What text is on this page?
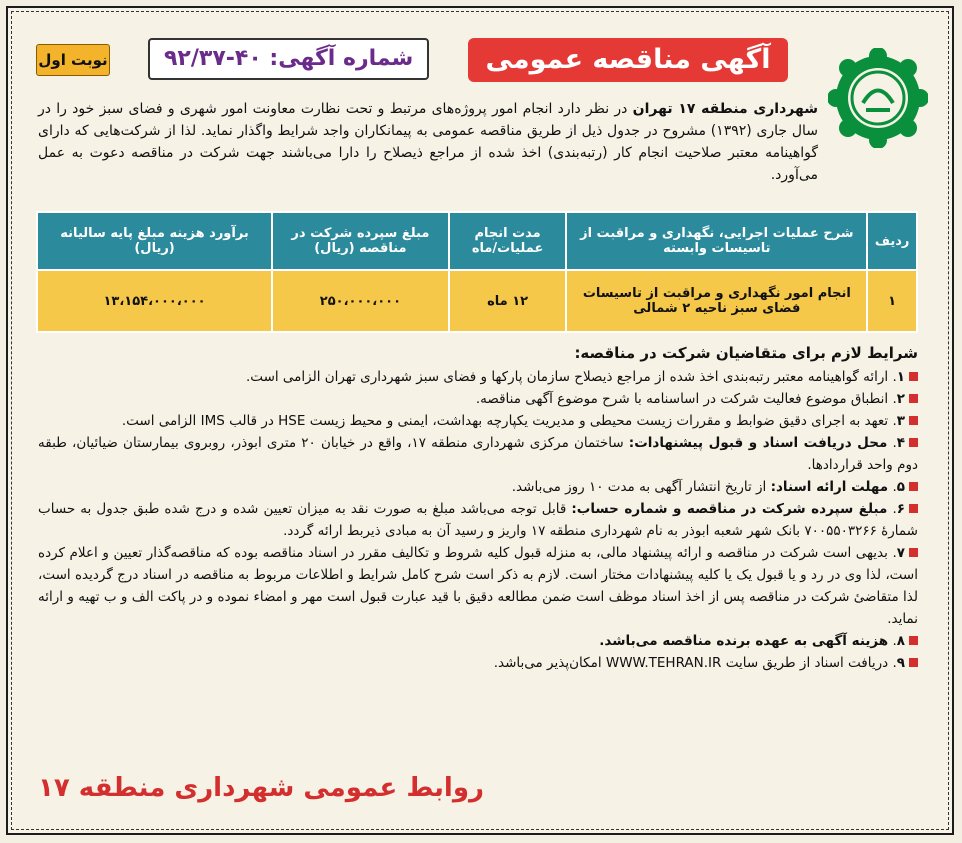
نوبت اول	شماره آگهی: ۴۰-۹۲/۳۷	آگهی مناقصه عمومی
شهرداری منطقه ۱۷ تهران در نظر دارد انجام امور پروژه‌های مرتبط و تحت نظارت معاونت امور شهری و فضای سبز خود را در سال جاری (۱۳۹۲) مشروح در جدول ذیل از طریق مناقصه عمومی به پیمانکاران واجد شرایط واگذار نماید. لذا از شرکت‌هایی که دارای گواهینامه معتبر صلاحیت انجام کار (رتبه‌بندی) اخذ شده از مراجع ذیصلاح را دارا می‌باشند جهت شرکت در مناقصه دعوت به عمل می‌آورد.
ردیف	شرح عملیات اجرایی، نگهداری و مراقبت از تاسیسات وابسته	مدت انجام عملیات/ماه	مبلغ سپرده شرکت در مناقصه (ریال)	برآورد هزینه مبلغ پایه سالیانه (ریال)
۱	انجام امور نگهداری و مراقبت از تاسیسات فضای سبز ناحیه ۲ شمالی	۱۲ ماه	۲۵۰،۰۰۰،۰۰۰	۱۳،۱۵۴،۰۰۰،۰۰۰
شرایط لازم برای متقاضیان شرکت در مناقصه:

۱. ارائه گواهینامه معتبر رتبه‌بندی اخذ شده از مراجع ذیصلاح سازمان پارکها و فضای سبز شهرداری تهران الزامی است.

۲. انطباق موضوع فعالیت شرکت در اساسنامه با شرح موضوع آگهی مناقصه.

۳. تعهد به اجرای دقیق ضوابط و مقررات زیست محیطی و مدیریت یکپارچه بهداشت، ایمنی و محیط زیست HSE در قالب IMS الزامی است.

۴. محل دریافت اسناد و قبول پیشنهادات: ساختمان مرکزی شهرداری منطقه ۱۷، واقع در خیابان ۲۰ متری ابوذر، روبروی بیمارستان ضیائیان، طبقه دوم واحد قراردادها.

۵. مهلت ارائه اسناد: از تاریخ انتشار آگهی به مدت ۱۰ روز می‌باشد.

۶. مبلغ سپرده شرکت در مناقصه و شماره حساب: قابل توجه می‌باشد مبلغ به صورت نقد به میزان تعیین شده و درج شده طبق جدول به حساب شمارهٔ ۷۰۰۵۵۰۳۲۶۶ بانک شهر شعبه ابوذر به نام شهرداری منطقه ۱۷ واریز و رسید آن به مبادی ذیربط ارائه گردد.

۷. بدیهی است شرکت در مناقصه و ارائه پیشنهاد مالی، به منزله قبول کلیه شروط و تکالیف مقرر در اسناد مناقصه بوده که مناقصه‌گذار تعیین و اعلام کرده است، لذا وی در رد و یا قبول یک یا کلیه پیشنهادات مختار است. لازم به ذکر است شرح کامل شرایط و اطلاعات مربوط به مناقصه در اسناد درج گردیده است، لذا متقاضیٔ شرکت در مناقصه پس از اخذ اسناد موظف است ضمن مطالعه دقیق با قید عبارت قبول است مهر و امضاء نموده و در پاکت الف و ب تهیه و ارائه نماید.

۸. هزینه آگهی به عهده برنده مناقصه می‌باشد.

۹. دریافت اسناد از طریق سایت WWW.TEHRAN.IR امکان‌پذیر می‌باشد.

روابط عمومی شهرداری منطقه ۱۷
